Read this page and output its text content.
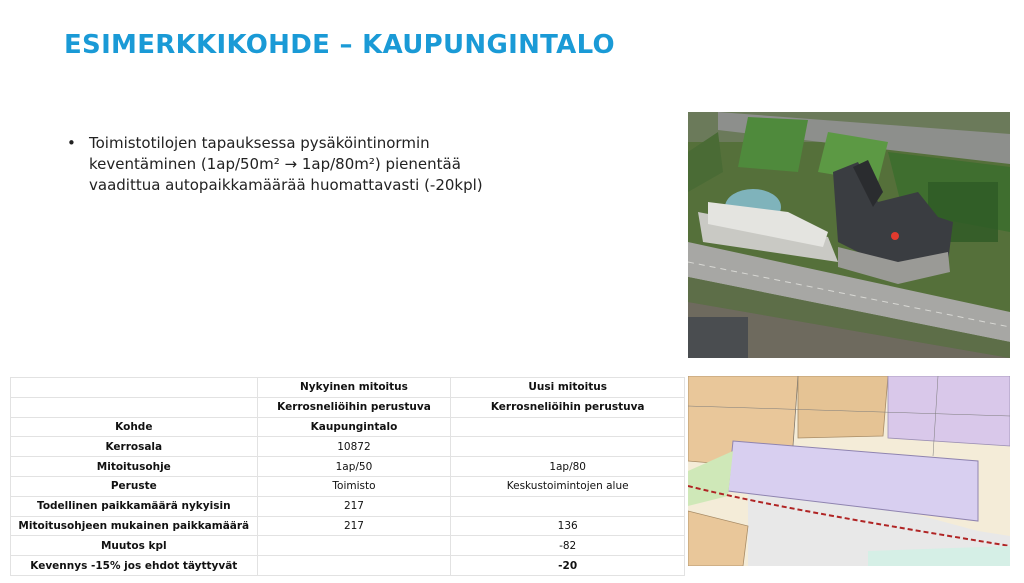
ESIMERKKIKOHDE – KAUPUNGINTALO
• Toimistotilojen tapauksessa pysäköintinormin keventäminen (1ap/50m² → 1ap/80m²) pienentää vaadittua autopaikkamäärää huomattavasti (-20kpl)
	Nykyinen mitoitus	Uusi mitoitus
	Kerrosneliöihin perustuva	Kerrosneliöihin perustuva
Kohde	Kaupungintalo	
Kerrosala	10872	
Mitoitusohje	1ap/50	1ap/80
Peruste	Toimisto	Keskustoimintojen alue
Todellinen paikkamäärä nykyisin	217	
Mitoitusohjeen mukainen paikkamäärä	217	136
Muutos kpl		-82
Kevennys -15% jos ehdot täyttyvät		-20
